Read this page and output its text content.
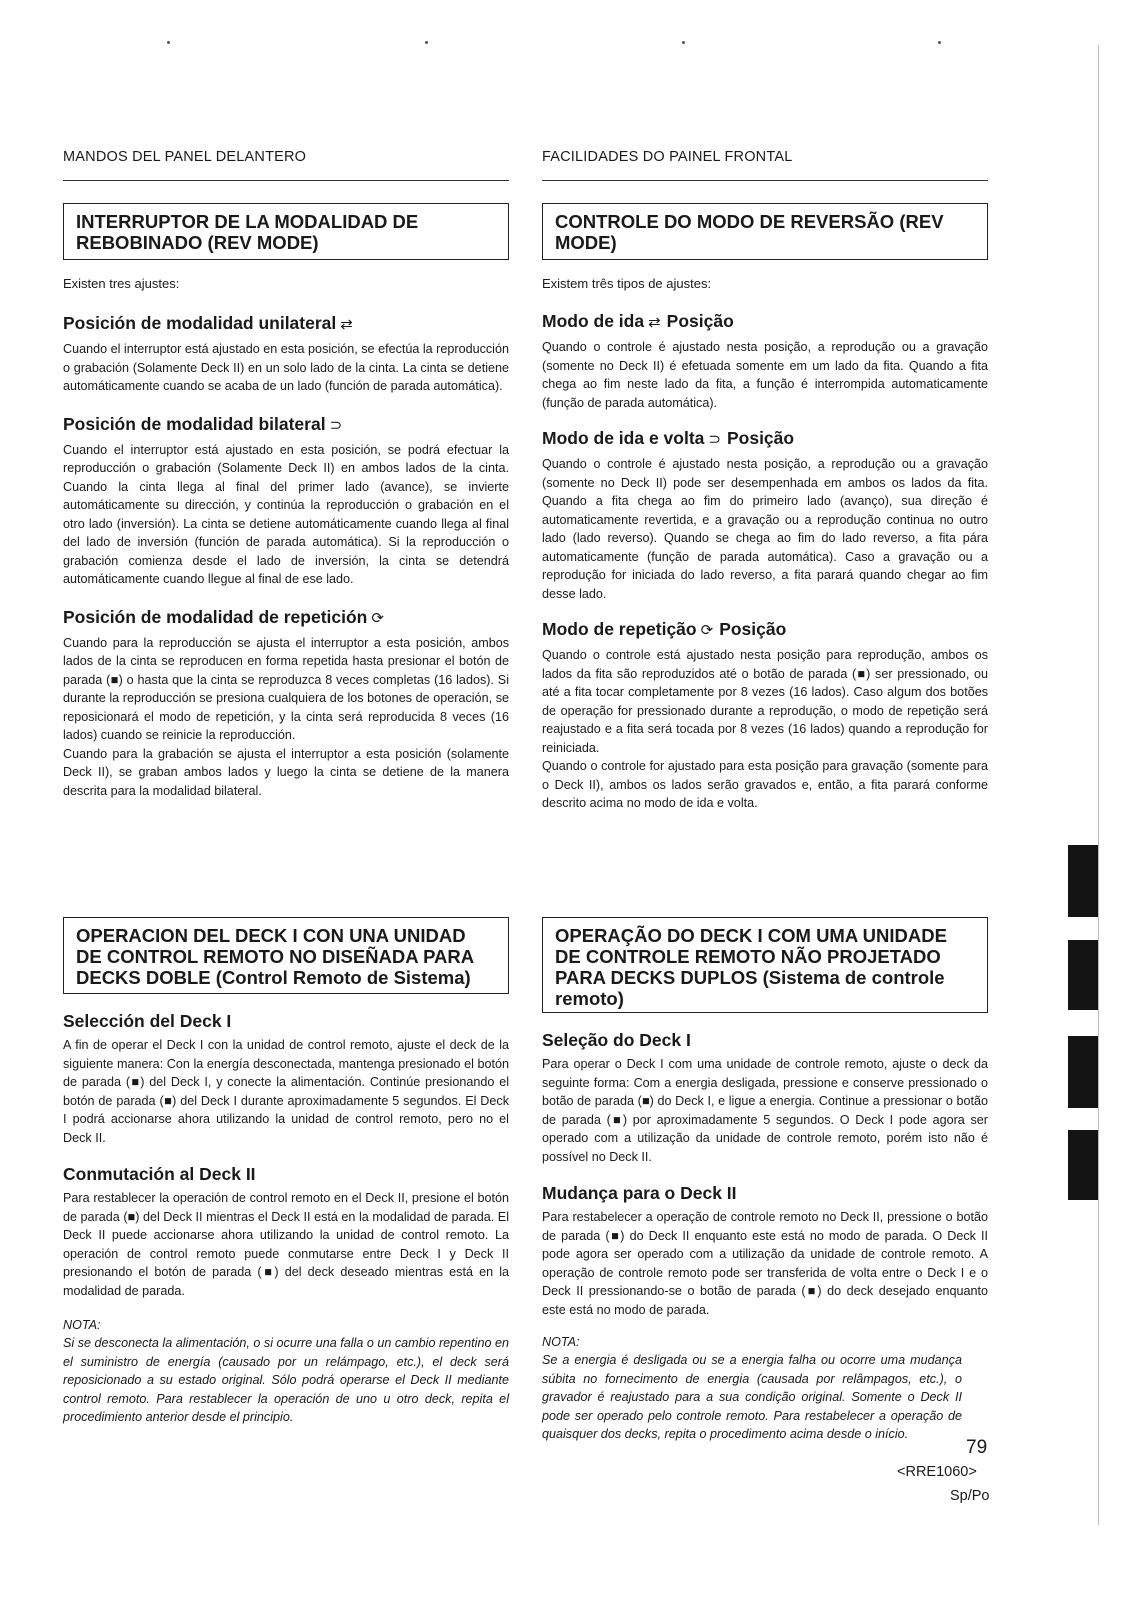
MANDOS DEL PANEL DELANTERO	FACILIDADES DO PAINEL FRONTAL
INTERRUPTOR DE LA MODALIDAD DE REBOBINADO (REV MODE)
Existen tres ajustes:
Posición de modalidad unilateral ⇄

Cuando el interruptor está ajustado en esta posición, se efectúa la reproducción o grabación (Solamente Deck II) en un solo lado de la cinta. La cinta se detiene automáticamente cuando se acaba de un lado (función de parada automática).

Posición de modalidad bilateral ⊃

Cuando el interruptor está ajustado en esta posición, se podrá efectuar la reproducción o grabación (Solamente Deck II) en ambos lados de la cinta. Cuando la cinta llega al final del primer lado (avance), se invierte automáticamente su dirección, y continúa la reproducción o grabación en el otro lado (inversión). La cinta se detiene automáticamente cuando llega al final del lado de inversión (función de parada automática). Si la reproducción o grabación comienza desde el lado de inversión, la cinta se detendrá automáticamente cuando llegue al final de ese lado.

Posición de modalidad de repetición ⟳

Cuando para la reproducción se ajusta el interruptor a esta posición, ambos lados de la cinta se reproducen en forma repetida hasta presionar el botón de parada (■) o hasta que la cinta se reproduzca 8 veces completas (16 lados). Si durante la reproducción se presiona cualquiera de los botones de operación, se reposicionará el modo de repetición, y la cinta será reproducida 8 veces (16 lados) cuando se reinicie la reproducción.

Cuando para la grabación se ajusta el interruptor a esta posición (solamente Deck II), se graban ambos lados y luego la cinta se detiene de la manera descrita para la modalidad bilateral.

CONTROLE DO MODO DE REVERSÃO (REV MODE)
Existem três tipos de ajustes:
Modo de ida ⇄ Posição

Quando o controle é ajustado nesta posição, a reprodução ou a gravação (somente no Deck II) é efetuada somente em um lado da fita. Quando a fita chega ao fim neste lado da fita, a função é interrompida automaticamente (função de parada automática).

Modo de ida e volta ⊃ Posição

Quando o controle é ajustado nesta posição, a reprodução ou a gravação (somente no Deck II) pode ser desempenhada em ambos os lados da fita. Quando a fita chega ao fim do primeiro lado (avanço), sua direção é automaticamente revertida, e a gravação ou a reprodução continua no outro lado (lado reverso). Quando se chega ao fim do lado reverso, a fita pára automaticamente (função de parada automática). Caso a gravação ou a reprodução for iniciada do lado reverso, a fita parará quando chegar ao fim desse lado.

Modo de repetição ⟳ Posição

Quando o controle está ajustado nesta posição para reprodução, ambos os lados da fita são reproduzidos até o botão de parada (■) ser pressionado, ou até a fita tocar completamente por 8 vezes (16 lados). Caso algum dos botões de operação for pressionado durante a reprodução, o modo de repetição será reajustado e a fita será tocada por 8 vezes (16 lados) quando a reprodução for reiniciada.

Quando o controle for ajustado para esta posição para gravação (somente para o Deck II), ambos os lados serão gravados e, então, a fita parará conforme descrito acima no modo de ida e volta.

OPERACION DEL DECK I CON UNA UNIDAD DE CONTROL REMOTO NO DISEÑADA PARA DECKS DOBLE (Control Remoto de Sistema)
Selección del Deck I

A fin de operar el Deck I con la unidad de control remoto, ajuste el deck de la siguiente manera: Con la energía desconectada, mantenga presionado el botón de parada (■) del Deck I, y conecte la alimentación. Continúe presionando el botón de parada (■) del Deck I durante aproximadamente 5 segundos. El Deck I podrá accionarse ahora utilizando la unidad de control remoto, pero no el Deck II.

Conmutación al Deck II

Para restablecer la operación de control remoto en el Deck II, presione el botón de parada (■) del Deck II mientras el Deck II está en la modalidad de parada. El Deck II puede accionarse ahora utilizando la unidad de control remoto. La operación de control remoto puede conmutarse entre Deck I y Deck II presionando el botón de parada (■) del deck deseado mientras está en la modalidad de parada.

NOTA:

Si se desconecta la alimentación, o si ocurre una falla o un cambio repentino en el suministro de energía (causado por un relámpago, etc.), el deck será reposicionado a su estado original. Sólo podrá operarse el Deck II mediante control remoto. Para restablecer la operación de uno u otro deck, repita el procedimiento anterior desde el principio.

OPERAÇÃO DO DECK I COM UMA UNIDADE DE CONTROLE REMOTO NÃO PROJETADO PARA DECKS DUPLOS (Sistema de controle remoto)
Seleção do Deck I

Para operar o Deck I com uma unidade de controle remoto, ajuste o deck da seguinte forma: Com a energia desligada, pressione e conserve pressionado o botão de parada (■) do Deck I, e ligue a energia. Continue a pressionar o botão de parada (■) por aproximadamente 5 segundos. O Deck I pode agora ser operado com a utilização da unidade de controle remoto, porém isto não é possível no Deck II.

Mudança para o Deck II

Para restabelecer a operação de controle remoto no Deck II, pressione o botão de parada (■) do Deck II enquanto este está no modo de parada. O Deck II pode agora ser operado com a utilização da unidade de controle remoto. A operação de controle remoto pode ser transferida de volta entre o Deck I e o Deck II pressionando-se o botão de parada (■) do deck desejado enquanto este está no modo de parada.

NOTA:

Se a energia é desligada ou se a energia falha ou ocorre uma mudança súbita no fornecimento de energia (causada por relâmpagos, etc.), o gravador é reajustado para a sua condição original. Somente o Deck II pode ser operado pelo controle remoto. Para restabelecer a operação de quaisquer dos decks, repita o procedimento acima desde o início.

79
<RRE1060>
Sp/Po
